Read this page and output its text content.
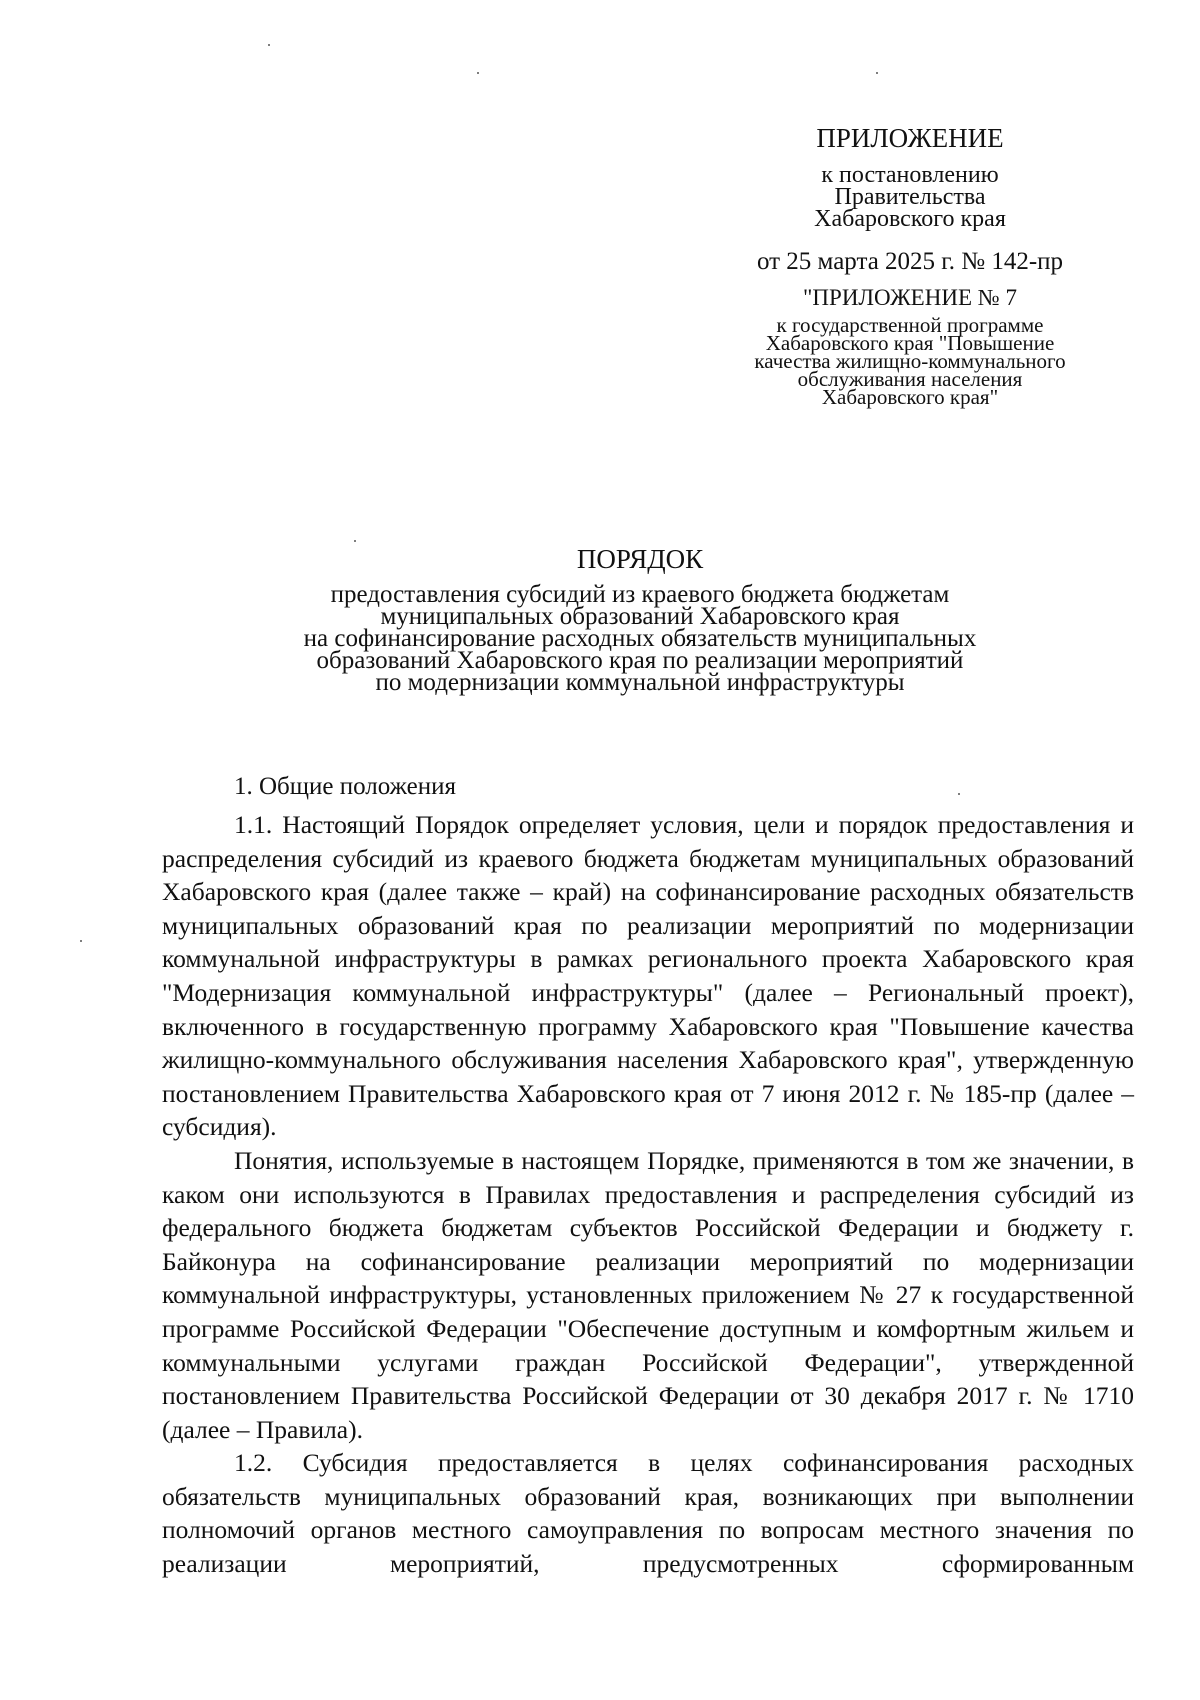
ПРИЛОЖЕНИЕ
к постановлению
Правительства
Хабаровского края
от 25 марта 2025 г. № 142-пр
"ПРИЛОЖЕНИЕ № 7
к государственной программе
Хабаровского края "Повышение
качества жилищно-коммунального
обслуживания населения
Хабаровского края"
ПОРЯДОК
предоставления субсидий из краевого бюджета бюджетам
муниципальных образований Хабаровского края
на софинансирование расходных обязательств муниципальных
образований Хабаровского края по реализации мероприятий
по модернизации коммунальной инфраструктуры
1. Общие положения

1.1. Настоящий Порядок определяет условия, цели и порядок предоставления и распределения субсидий из краевого бюджета бюджетам муниципальных образований Хабаровского края (далее также – край) на софинансирование расходных обязательств муниципальных образований края по реализации мероприятий по модернизации коммунальной инфраструктуры в рамках регионального проекта Хабаровского края "Модернизация коммунальной инфраструктуры" (далее – Региональный проект), включенного в государственную программу Хабаровского края "Повышение качества жилищно-коммунального обслуживания населения Хабаровского края", утвержденную постановлением Правительства Хабаровского края от 7 июня 2012 г. № 185-пр (далее – субсидия).

Понятия, используемые в настоящем Порядке, применяются в том же значении, в каком они используются в Правилах предоставления и распределения субсидий из федерального бюджета бюджетам субъектов Российской Федерации и бюджету г. Байконура на софинансирование реализации мероприятий по модернизации коммунальной инфраструктуры, установленных приложением № 27 к государственной программе Российской Федерации "Обеспечение доступным и комфортным жильем и коммунальными услугами граждан Российской Федерации", утвержденной постановлением Правительства Российской Федерации от 30 декабря 2017 г. № 1710 (далее – Правила).

1.2. Субсидия предоставляется в целях софинансирования расходных обязательств муниципальных образований края, возникающих при выполнении полномочий органов местного самоуправления по вопросам местного значения по реализации мероприятий, предусмотренных сформированным
